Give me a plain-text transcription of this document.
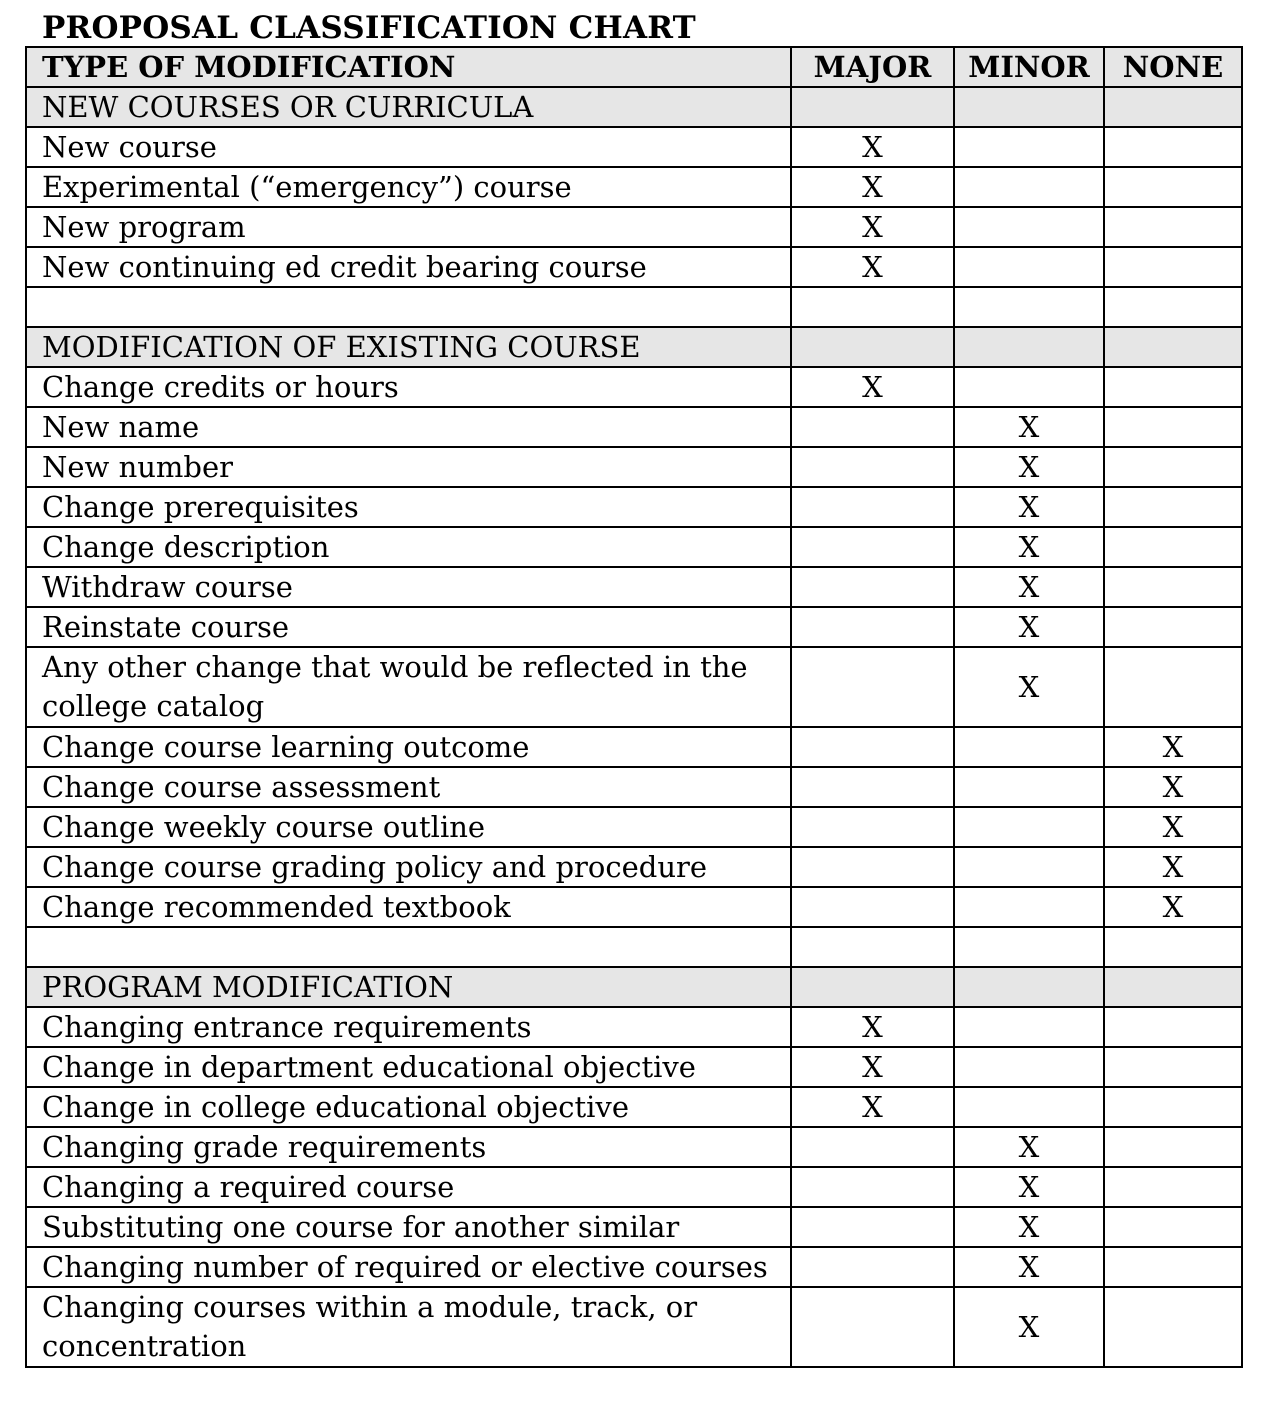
PROPOSAL CLASSIFICATION CHART
TYPE OF MODIFICATION	MAJOR	MINOR	NONE
NEW COURSES OR CURRICULA			
New course	X		
Experimental (“emergency”) course	X		
New program	X		
New continuing ed credit bearing course	X		

MODIFICATION OF EXISTING COURSE			
Change credits or hours	X		
New name		X	
New number		X	
Change prerequisites		X	
Change description		X	
Withdraw course		X	
Reinstate course		X	
Any other change that would be reflected in the college catalog		X	
Change course learning outcome			X
Change course assessment			X
Change weekly course outline			X
Change course grading policy and procedure			X
Change recommended textbook			X

PROGRAM MODIFICATION			
Changing entrance requirements	X		
Change in department educational objective	X		
Change in college educational objective	X		
Changing grade requirements		X	
Changing a required course		X	
Substituting one course for another similar		X	
Changing number of required or elective courses		X	
Changing courses within a module, track, or concentration		X	
